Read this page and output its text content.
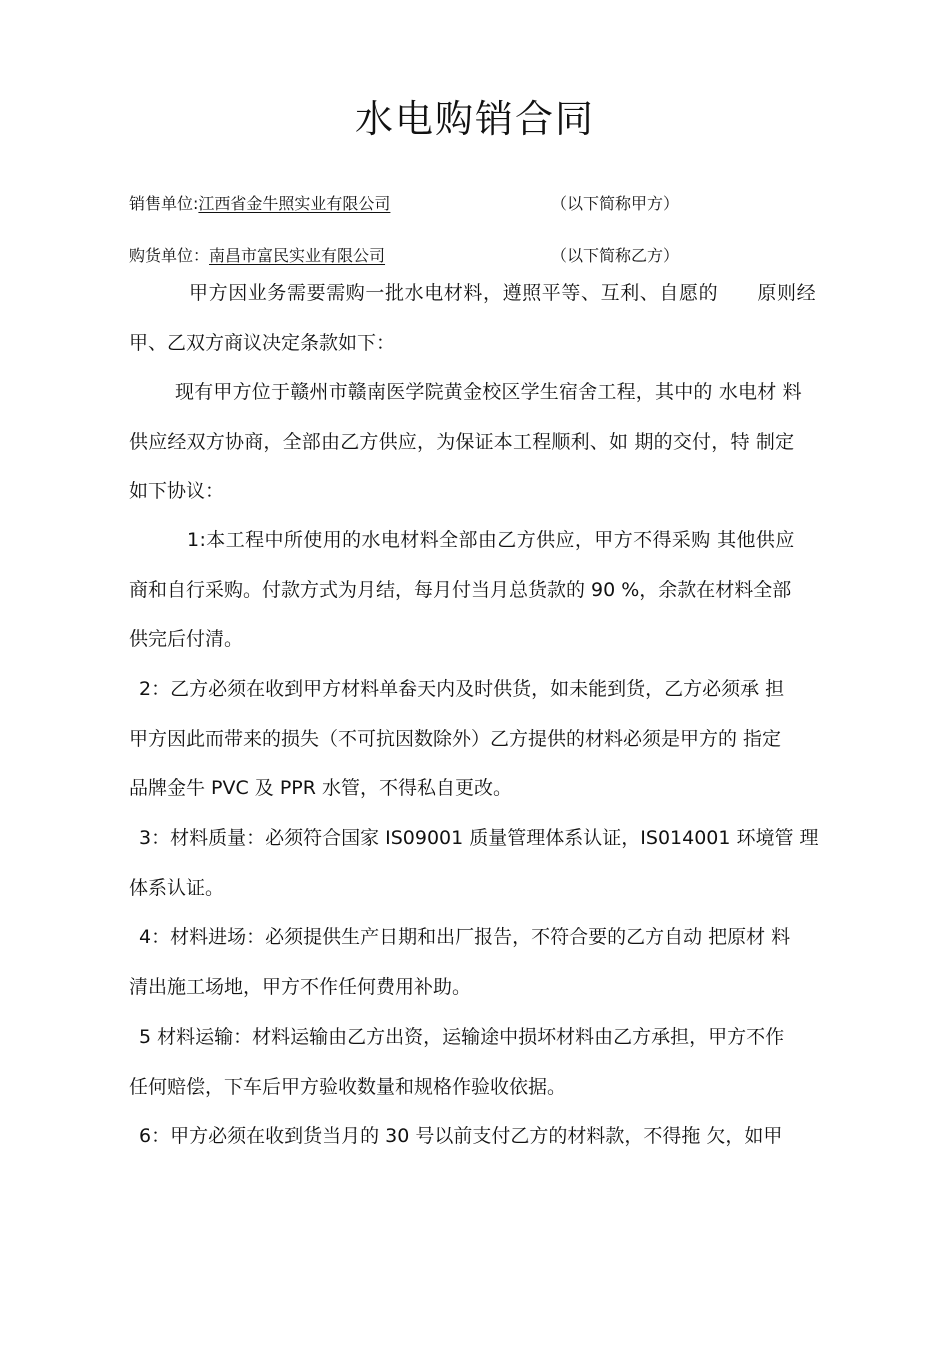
水电购销合同
销售单位:江西省金牛照实业有限公司	（以下简称甲方）
购货单位：南昌市富民实业有限公司	（以下简称乙方）

甲方因业务需要需购一批水电材料，遵照平等、互利、自愿的　　原则经
甲、乙双方商议决定条款如下：

现有甲方位于赣州市赣南医学院黄金校区学生宿舍工程，其中的 水电材 料
供应经双方协商，全部由乙方供应，为保证本工程顺利、如 期的交付，特 制定
如下协议：

1:本工程中所使用的水电材料全部由乙方供应，甲方不得采购 其他供应
商和自行采购。付款方式为月结，每月付当月总货款的 90 %，余款在材料全部
供完后付清。

2：乙方必须在收到甲方材料单畚天内及时供货，如未能到货，乙方必须承 担
甲方因此而带来的损失（不可抗因数除外）乙方提供的材料必须是甲方的 指定
品牌金牛 PVC 及 PPR 水管，不得私自更改。

3：材料质量：必须符合国家 IS09001 质量管理体系认证，IS014001 环境管 理
体系认证。

4：材料进场：必须提供生产日期和出厂报告，不符合要的乙方自动 把原材 料
清出施工场地，甲方不作任何费用补助。

5 材料运输：材料运输由乙方出资，运输途中损坏材料由乙方承担，甲方不作
任何赔偿，下车后甲方验收数量和规格作验收依据。

6：甲方必须在收到货当月的 30 号以前支付乙方的材料款，不得拖 欠，如甲
